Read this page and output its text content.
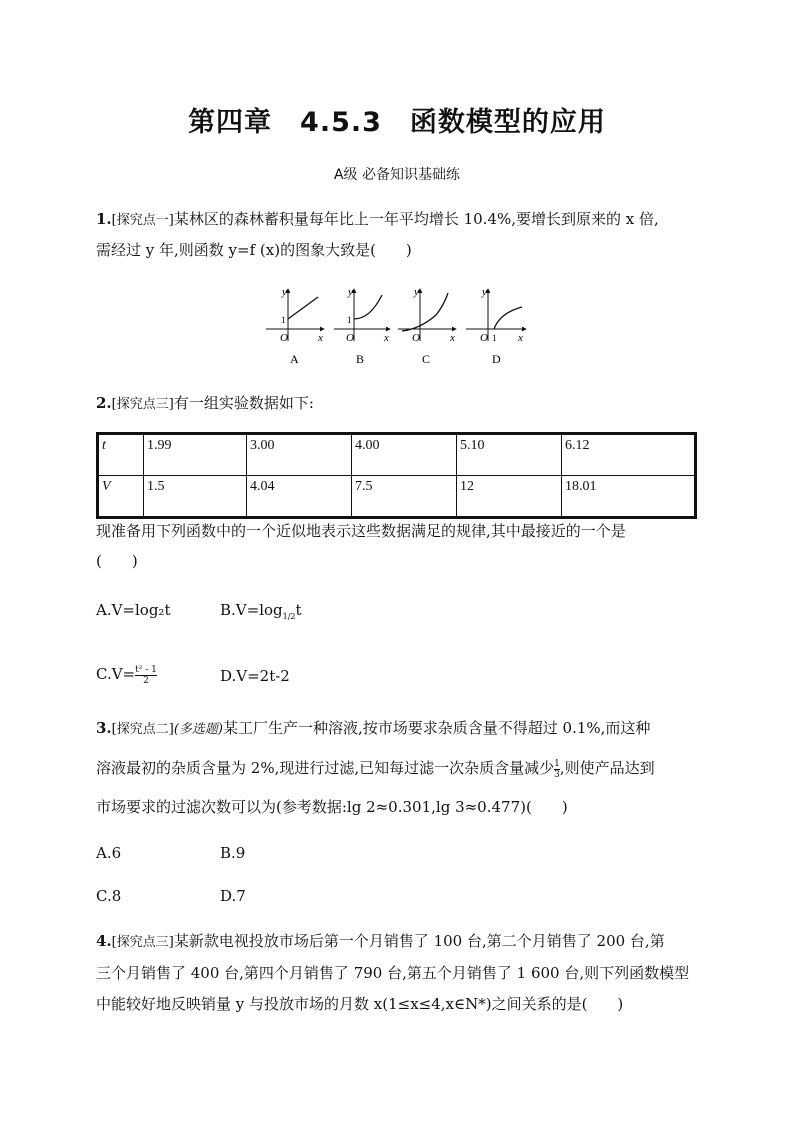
第四章　4.5.3　函数模型的应用
A级 必备知识基础练
1.[探究点一]某林区的森林蓄积量每年比上一年平均增长 10.4%,要增长到原来的 x 倍,
需经过 y 年,则函数 y=f (x)的图象大致是(　　)
y
x
O
1
A
y
x
O
1
B
y
x
O
C
y
x
O 1
D
2.[探究点三]有一组实验数据如下:
t	1.99	3.00	4.00	5.10	6.12
V	1.5	4.04	7.5	12	18.01
现准备用下列函数中的一个近似地表示这些数据满足的规律,其中最接近的一个是
(　　)
A.V=log₂t	$B.V=\log_{1/2}t$
$C.V= \frac{\text{t² - 1}}{2}$	D.V=2t-2
3.[探究点二](多选题)某工厂生产一种溶液,按市场要求杂质含量不得超过 0.1%,而这种
溶液最初的杂质含量为 2%,现进行过滤,已知每过滤一次杂质含量减少 $\frac{1}{3}$ ,则使产品达到
市场要求的过滤次数可以为(参考数据:lg 2≈0.301,lg 3≈0.477)(　　)
A.6	B.9
C.8	D.7
4.[探究点三]某新款电视投放市场后第一个月销售了 100 台,第二个月销售了 200 台,第
三个月销售了 400 台,第四个月销售了 790 台,第五个月销售了 1 600 台,则下列函数模型
中能较好地反映销量 y 与投放市场的月数 x(1≤x≤4,x∈N*)之间关系的是(　　)
